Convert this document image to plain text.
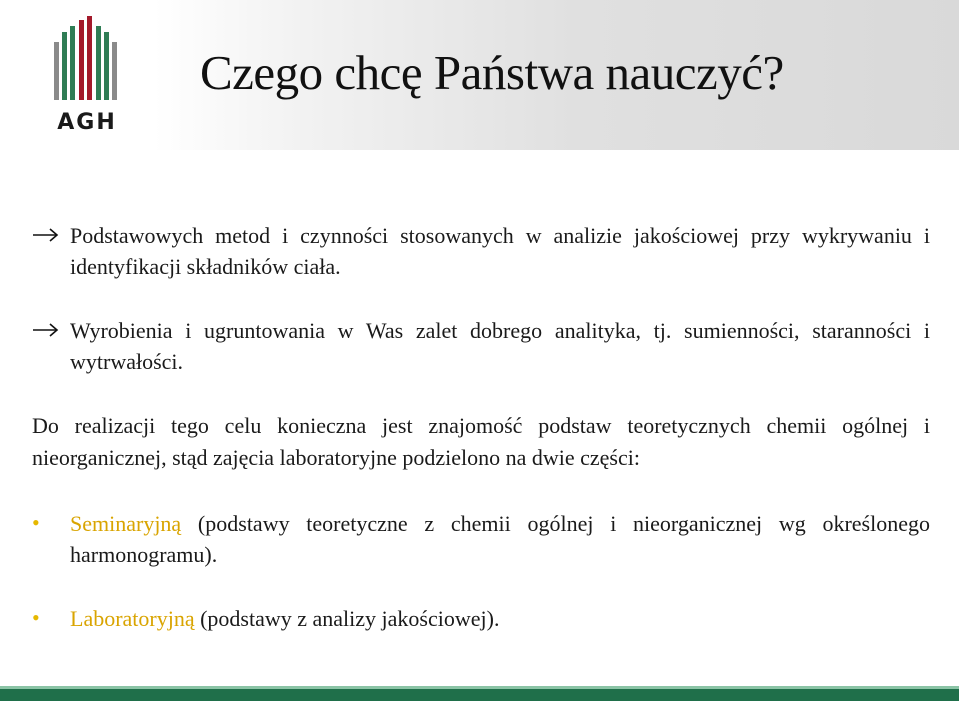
AGH
Czego chcę Państwa nauczyć?
Podstawowych metod i czynności stosowanych w analizie jakościowej przy wykrywaniu i identyfikacji składników ciała.
Wyrobienia i ugruntowania w Was zalet dobrego analityka, tj. sumienności, staranności i wytrwałości.

Do realizacji tego celu konieczna jest znajomość podstaw teoretycznych chemii ogólnej i nieorganicznej, stąd zajęcia laboratoryjne podzielono na dwie części:

• Seminaryjną (podstawy teoretyczne z chemii ogólnej i nieorganicznej wg określonego harmonogramu).
• Laboratoryjną (podstawy z analizy jakościowej).
